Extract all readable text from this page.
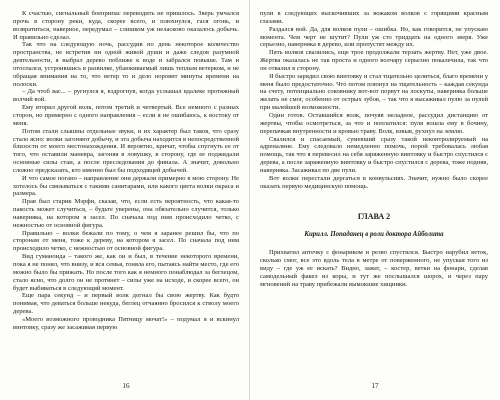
К счастью, сигнальный боеприпас переводить не пришлось. Зверь умчался прочь в сторону реки, куда, скорее всего, и плюхнулся, гася огонь, и возвратиться, наверное, передумал – слишком уж неласково оказалось добычь. И правильно сделал.

Так что на следующую ночь, рассудив по день некоторое количество пространства, не встретив ни одной живой души и даже следов разумной деятельности, я выбрал дерево поближе к воде и забрался повыше. Там и отоспался, устроившись в развилке, убаюкиваемый лишь теплым ветерком, и не обращая внимания на то, что ветер то и дело норовит минуты времени на полоски.

– Да чтоб вас... – ругнулся я, вздрогнув, когда услышал вдалеке протяжный волчий вой.

Ему вторил другой волк, потом третий и четвертый. Все немного с разных сторон, но примерно с одного направления – если я не ошибаюсь, к востоку от меня.

Потом стали слышны отдельные звуки, и их характер был таков, что сразу стало ясно: волки загоняют добычу, и эта добыча находится в непосредственной близости от моего местонахождения. И вероятно, кричат, чтобы спугнуть ее от того, что оставили маневра, загоняя в ловушку, в сторону, где ее поджидали основные силы стаи, а после преследования до финала. А значит, довольно сложно предсказать, кто именно был бы подходящей добычей.

И что самое погано – направление они держали примерно в мою сторону. Не хотелось бы связываться с такими санитарами, или какого цвета волки окраса и размера.

Прав был старик Мэрфи, сказав, что, если есть вероятность, что какая-то пакость может случиться, – будьте уверены, она обязательно случится, только наверняка, на котором я засел. По сначала под ним происходило четко, с нежностью от основной фигура.

Правильно – волки бежали по тому, о чем я заранее решил бы, что по сторонам от меня, тоже к дереву, на котором я засел. По сначала под ним происходило четко, с нежностью от основной фигура.

Вид гуманоида – такого же, как он и был, в течение некоторого времени, пока я не понял, что внизу, и вся семья, гоняла его, пытаясь найти место, где его можно было бы прижать. Но после того как я немного понаблюдал за беглецом, стало ясно, что долго он не протянет – силы уже на исходе, и скорее всего, он будет выбиваться в следующий момент.

Еще пара секунд – и первый волк догнал бы свою жертву. Как будто понимая, что деваться больше некуда, беглец отчаянно бросился к стволу моего дерева.

«Моего возможного проводника Пятницу мочат!» – подумал я и вскинул винтовку, сразу же засаживая первую

16

пули в следующих выскочивших за вожаком волков с горящими красным глазами.

Раздался вой. Да, для волков пули – ошибка. Но, как говорится, не упускаю момента. Чем черт не шутит? Пули уж сто тридцать на одного зверя. Уже серьезно, наверняка в дерево, или пропустят между их.

Пять волков свалились, еще трое продолжали терзать жертву. Нет, уже двое. Жертва оказалась не так проста и одного волчару серьезно покалечила, так что он отвалил в сторону.

Я быстро зарядил свою винтовку и стал тщательно целиться, благо времени у меня было предостаточно. Что потом плюнул на тщательность – каждая секунда на счету, потенциально соковнику вот-вот порвут на лоскуты, наверняка больше желать не смог, особенно от острых зубов, – так что я высаживал пулю за пулей при малейшей возможности.

Один готов. Оставшийся волк, почуяв неладное, рассудил дистанцию от жертвы, чтобы осмотреться, за что и поплатился: пуля вошла ему в бочину, перепачкав внутренности и кровью траву. Волк, взвыв, рухнул на землю.

Свалился и спасаемый, сумевший сразу такой неконтролируемый на адреналине. Ему следовало немедленно помочь, порой требовалась любая помощь, так что я перевесил на себя заряженную винтовку и быстро спустился с дерева, а после заряженную винтовку и быстро спустился с дерева, тоже подняв, наверняка. Засаживал по две пули.

Вот волки перестали дергаться в конвульсиях. Значит, нужно было скорее оказать первую медицинскую помощь.

ГЛАВА 2
Кирилл. Попаданец в роли доктора Айболита

Прихватил аптечку с фонариком и резво спустился. Быстро нарубил веток, сколько смог, все это вдоль тела в метре от поверженного, не упуская того из виду – где уж ее искать? Видно, зажег, – костер, ветки на фонари, сделав самодельный факел из коры, и тут же послышался шорох, и через пару мгновений на траву прибежали вымокшие хищники.

17
